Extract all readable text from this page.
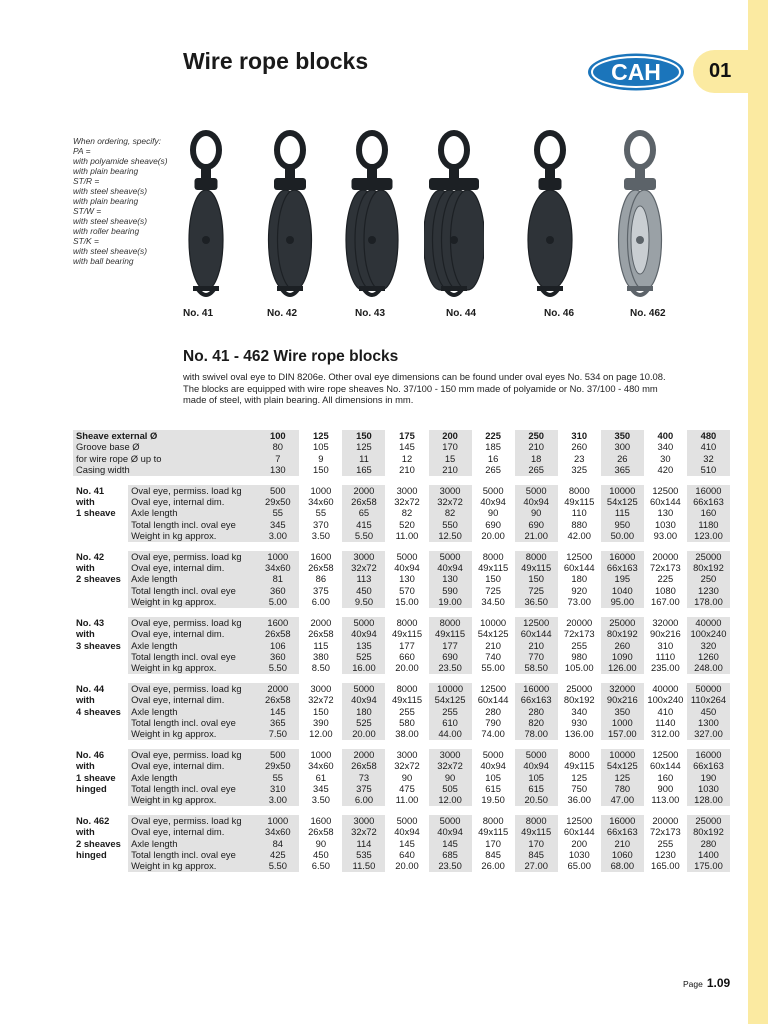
01
CAH
Wire rope blocks
When ordering, specify:
PA =
with polyamide sheave(s)
with plain bearing
ST/R =
with steel sheave(s)
with plain bearing
ST/W =
with steel sheave(s)
with roller bearing
ST/K =
with steel sheave(s)
with ball bearing
No. 41	No. 42	No. 43	No. 44	No. 46	No. 462
No. 41 - 462 Wire rope blocks
with swivel oval eye to DIN 8206e. Other oval eye dimensions can be found under oval eyes No. 534 on page 10.08.
The blocks are equipped with wire rope sheaves No. 37/100 - 150 mm made of polyamide or No. 37/100 - 480 mm
made of steel, with plain bearing. All dimensions in mm.
Sheave external Ø		100	125	150	175	200	225	250	310	350	400	480
Groove base Ø		80	105	125	145	170	185	210	260	300	340	410
for wire rope Ø up to		7	9	11	12	15	16	18	23	26	30	32
Casing width		130	150	165	210	210	265	265	325	365	420	510

No. 41	Oval eye, permiss. load kg	500	1000	2000	3000	3000	5000	5000	8000	10000	12500	16000
with	Oval eye, internal dim.	29x50	34x60	26x58	32x72	32x72	40x94	40x94	49x115	54x125	60x144	66x163
1 sheave	Axle length	55	55	65	82	82	90	90	110	115	130	160
	Total length incl. oval eye	345	370	415	520	550	690	690	880	950	1030	1180
	Weight in kg approx.	3.00	3.50	5.50	11.00	12.50	20.00	21.00	42.00	50.00	93.00	123.00

No. 42	Oval eye, permiss. load kg	1000	1600	3000	5000	5000	8000	8000	12500	16000	20000	25000
with	Oval eye, internal dim.	34x60	26x58	32x72	40x94	40x94	49x115	49x115	60x144	66x163	72x173	80x192
2 sheaves	Axle length	81	86	113	130	130	150	150	180	195	225	250
	Total length incl. oval eye	360	375	450	570	590	725	725	920	1040	1080	1230
	Weight in kg approx.	5.00	6.00	9.50	15.00	19.00	34.50	36.50	73.00	95.00	167.00	178.00

No. 43	Oval eye, permiss. load kg	1600	2000	5000	8000	8000	10000	12500	20000	25000	32000	40000
with	Oval eye, internal dim.	26x58	26x58	40x94	49x115	49x115	54x125	60x144	72x173	80x192	90x216	100x240
3 sheaves	Axle length	106	115	135	177	177	210	210	255	260	310	320
	Total length incl. oval eye	360	380	525	660	690	740	770	980	1090	1110	1260
	Weight in kg approx.	5.50	8.50	16.00	20.00	23.50	55.00	58.50	105.00	126.00	235.00	248.00

No. 44	Oval eye, permiss. load kg	2000	3000	5000	8000	10000	12500	16000	25000	32000	40000	50000
with	Oval eye, internal dim.	26x58	32x72	40x94	49x115	54x125	60x144	66x163	80x192	90x216	100x240	110x264
4 sheaves	Axle length	145	150	180	255	255	280	280	340	350	410	450
	Total length incl. oval eye	365	390	525	580	610	790	820	930	1000	1140	1300
	Weight in kg approx.	7.50	12.00	20.00	38.00	44.00	74.00	78.00	136.00	157.00	312.00	327.00

No. 46	Oval eye, permiss. load kg	500	1000	2000	3000	3000	5000	5000	8000	10000	12500	16000
with	Oval eye, internal dim.	29x50	34x60	26x58	32x72	32x72	40x94	40x94	49x115	54x125	60x144	66x163
1 sheave	Axle length	55	61	73	90	90	105	105	125	125	160	190
hinged	Total length incl. oval eye	310	345	375	475	505	615	615	750	780	900	1030
	Weight in kg approx.	3.00	3.50	6.00	11.00	12.00	19.50	20.50	36.00	47.00	113.00	128.00

No. 462	Oval eye, permiss. load kg	1000	1600	3000	5000	5000	8000	8000	12500	16000	20000	25000
with	Oval eye, internal dim.	34x60	26x58	32x72	40x94	40x94	49x115	49x115	60x144	66x163	72x173	80x192
2 sheaves	Axle length	84	90	114	145	145	170	170	200	210	255	280
hinged	Total length incl. oval eye	425	450	535	640	685	845	845	1030	1060	1230	1400
	Weight in kg approx.	5.50	6.50	11.50	20.00	23.50	26.00	27.00	65.00	68.00	165.00	175.00

Page 1.09
